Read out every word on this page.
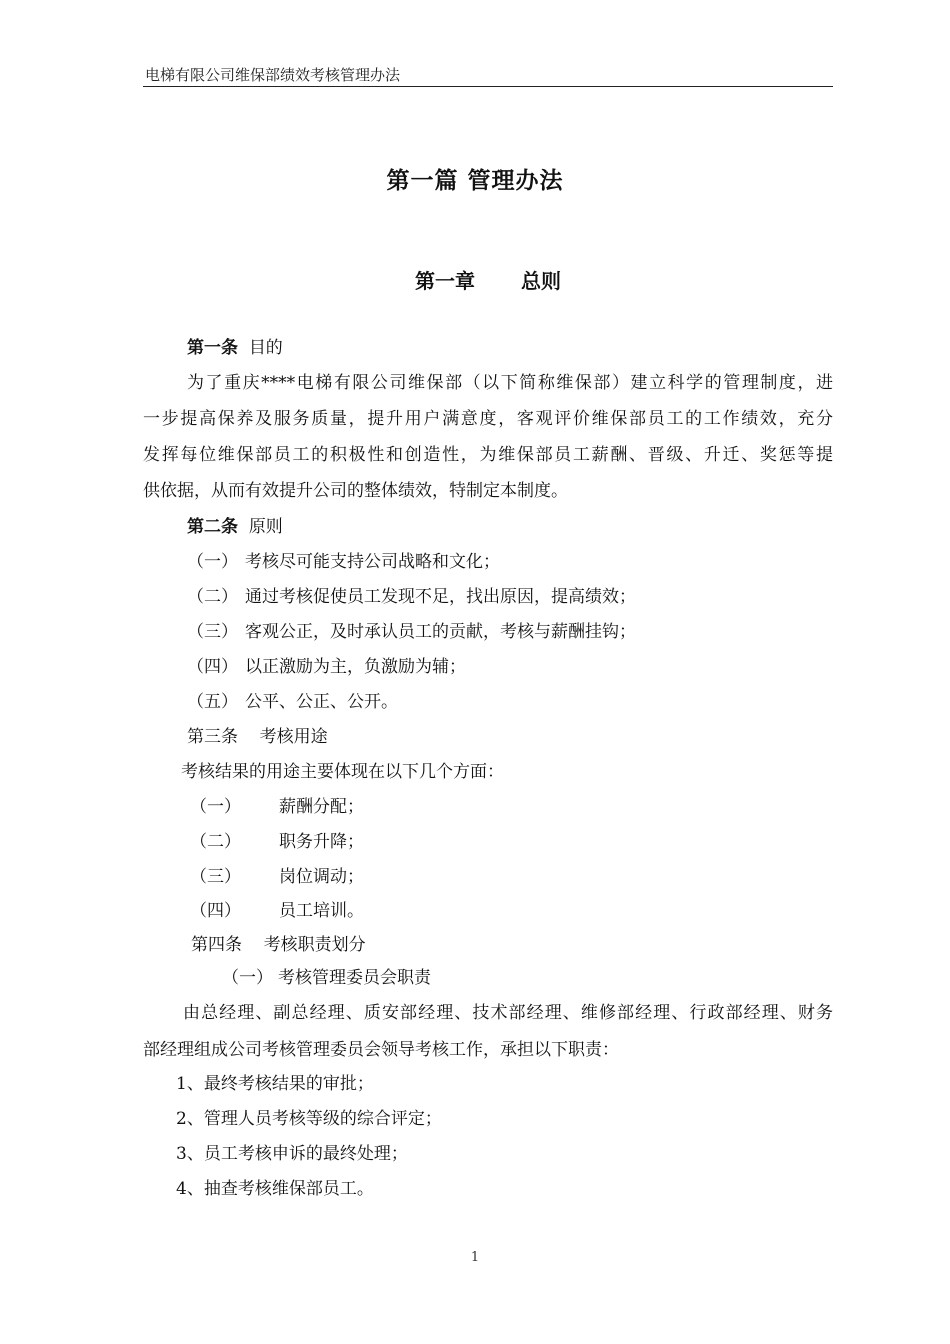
电梯有限公司维保部绩效考核管理办法
第一篇 管理办法
第一章 总则
第一条 目的
为了重庆****电梯有限公司维保部（以下简称维保部）建立科学的管理制度，进
一步提高保养及服务质量，提升用户满意度，客观评价维保部员工的工作绩效，充分
发挥每位维保部员工的积极性和创造性，为维保部员工薪酬、晋级、升迁、奖惩等提
供依据，从而有效提升公司的整体绩效，特制定本制度。
第二条 原则
（一） 考核尽可能支持公司战略和文化；
（二） 通过考核促使员工发现不足，找出原因，提高绩效；
（三） 客观公正，及时承认员工的贡献，考核与薪酬挂钩；
（四） 以正激励为主，负激励为辅；
（五） 公平、公正、公开。
第三条 考核用途
考核结果的用途主要体现在以下几个方面：
（一） 薪酬分配；
（二） 职务升降；
（三） 岗位调动；
（四） 员工培训。
第四条 考核职责划分
（一） 考核管理委员会职责
由总经理、副总经理、质安部经理、技术部经理、维修部经理、行政部经理、财务
部经理组成公司考核管理委员会领导考核工作，承担以下职责：
1、最终考核结果的审批；
2、管理人员考核等级的综合评定；
3、员工考核申诉的最终处理；
4、抽查考核维保部员工。
1
